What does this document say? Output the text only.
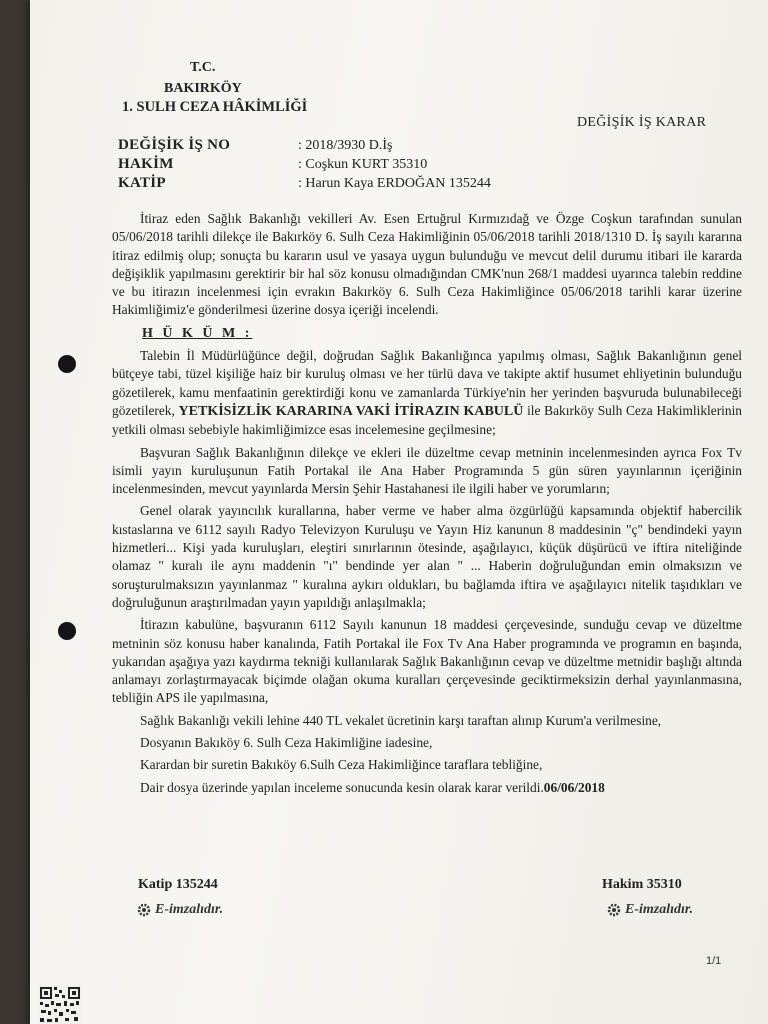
T.C.
BAKIRKÖY
1. SULH CEZA HÂKİMLİĞİ
DEĞİŞİK İŞ KARAR
DEĞİŞİK İŞ NO	: 2018/3930 D.İş
HAKİM	: Coşkun KURT 35310
KATİP	: Harun Kaya ERDOĞAN 135244

İtiraz eden Sağlık Bakanlığı vekilleri Av. Esen Ertuğrul Kırmızıdağ ve Özge Coşkun tarafından sunulan 05/06/2018 tarihli dilekçe ile Bakırköy 6. Sulh Ceza Hakimliğinin 05/06/2018 tarihli 2018/1310 D. İş sayılı kararına itiraz edilmiş olup; sonuçta bu kararın usul ve yasaya uygun bulunduğu ve mevcut delil durumu itibari ile kararda değişiklik yapılmasını gerektirir bir hal söz konusu olmadığından CMK'nun 268/1 maddesi uyarınca talebin reddine ve bu itirazın incelenmesi için evrakın Bakırköy 6. Sulh Ceza Hakimliğince 05/06/2018 tarihli karar üzerine Hakimliğimiz'e gönderilmesi üzerine dosya içeriği incelendi.

H Ü K Ü M :

Talebin İl Müdürlüğünce değil, doğrudan Sağlık Bakanlığınca yapılmış olması, Sağlık Bakanlığının genel bütçeye tabi, tüzel kişiliğe haiz bir kuruluş olması ve her türlü dava ve takipte aktif husumet ehliyetinin bulunduğu gözetilerek, kamu menfaatinin gerektirdiği konu ve zamanlarda Türkiye'nin her yerinden başvuruda bulunabileceği gözetilerek, YETKİSİZLİK KARARINA VAKİ İTİRAZIN KABULÜ ile Bakırköy Sulh Ceza Hakimliklerinin yetkili olması sebebiyle hakimliğimizce esas incelemesine geçilmesine;

Başvuran Sağlık Bakanlığının dilekçe ve ekleri ile düzeltme cevap metninin incelenmesinden ayrıca Fox Tv isimli yayın kuruluşunun Fatih Portakal ile Ana Haber Programında 5 gün süren yayınlarının içeriğinin incelenmesinden, mevcut yayınlarda Mersin Şehir Hastahanesi ile ilgili haber ve yorumların;

Genel olarak yayıncılık kurallarına, haber verme ve haber alma özgürlüğü kapsamında objektif habercilik kıstaslarına ve 6112 sayılı Radyo Televizyon Kuruluşu ve Yayın Hiz kanunun 8 maddesinin "ç" bendindeki yayın hizmetleri... Kişi yada kuruluşları, eleştiri sınırlarının ötesinde, aşağılayıcı, küçük düşürücü ve iftira niteliğinde olamaz " kuralı ile aynı maddenin "ı" bendinde yer alan " ... Haberin doğruluğundan emin olmaksızın ve soruşturulmaksızın yayınlanmaz " kuralına aykırı oldukları, bu bağlamda iftira ve aşağılayıcı nitelik taşıdıkları ve doğruluğunun araştırılmadan yayın yapıldığı anlaşılmakla;

İtirazın kabulüne, başvuranın 6112 Sayılı kanunun 18 maddesi çerçevesinde, sunduğu cevap ve düzeltme metninin söz konusu haber kanalında, Fatih Portakal ile Fox Tv Ana Haber programında ve programın en başında, yukarıdan aşağıya yazı kaydırma tekniği kullanılarak Sağlık Bakanlığının cevap ve düzeltme metnidir başlığı altında anlamayı zorlaştırmayacak biçimde olağan okuma kuralları çerçevesinde geciktirmeksizin derhal yayınlanmasına, tebliğin APS ile yapılmasına,

Sağlık Bakanlığı vekili lehine 440 TL vekalet ücretinin karşı taraftan alınıp Kurum'a verilmesine,

Dosyanın Bakıköy 6. Sulh Ceza Hakimliğine iadesine,

Karardan bir suretin Bakıköy 6.Sulh Ceza Hakimliğince taraflara tebliğine,

Dair dosya üzerinde yapılan inceleme sonucunda kesin olarak karar verildi.06/06/2018

Katip 135244	Hakim 35310
E-imzalıdır.	E-imzalıdır.
1/1
